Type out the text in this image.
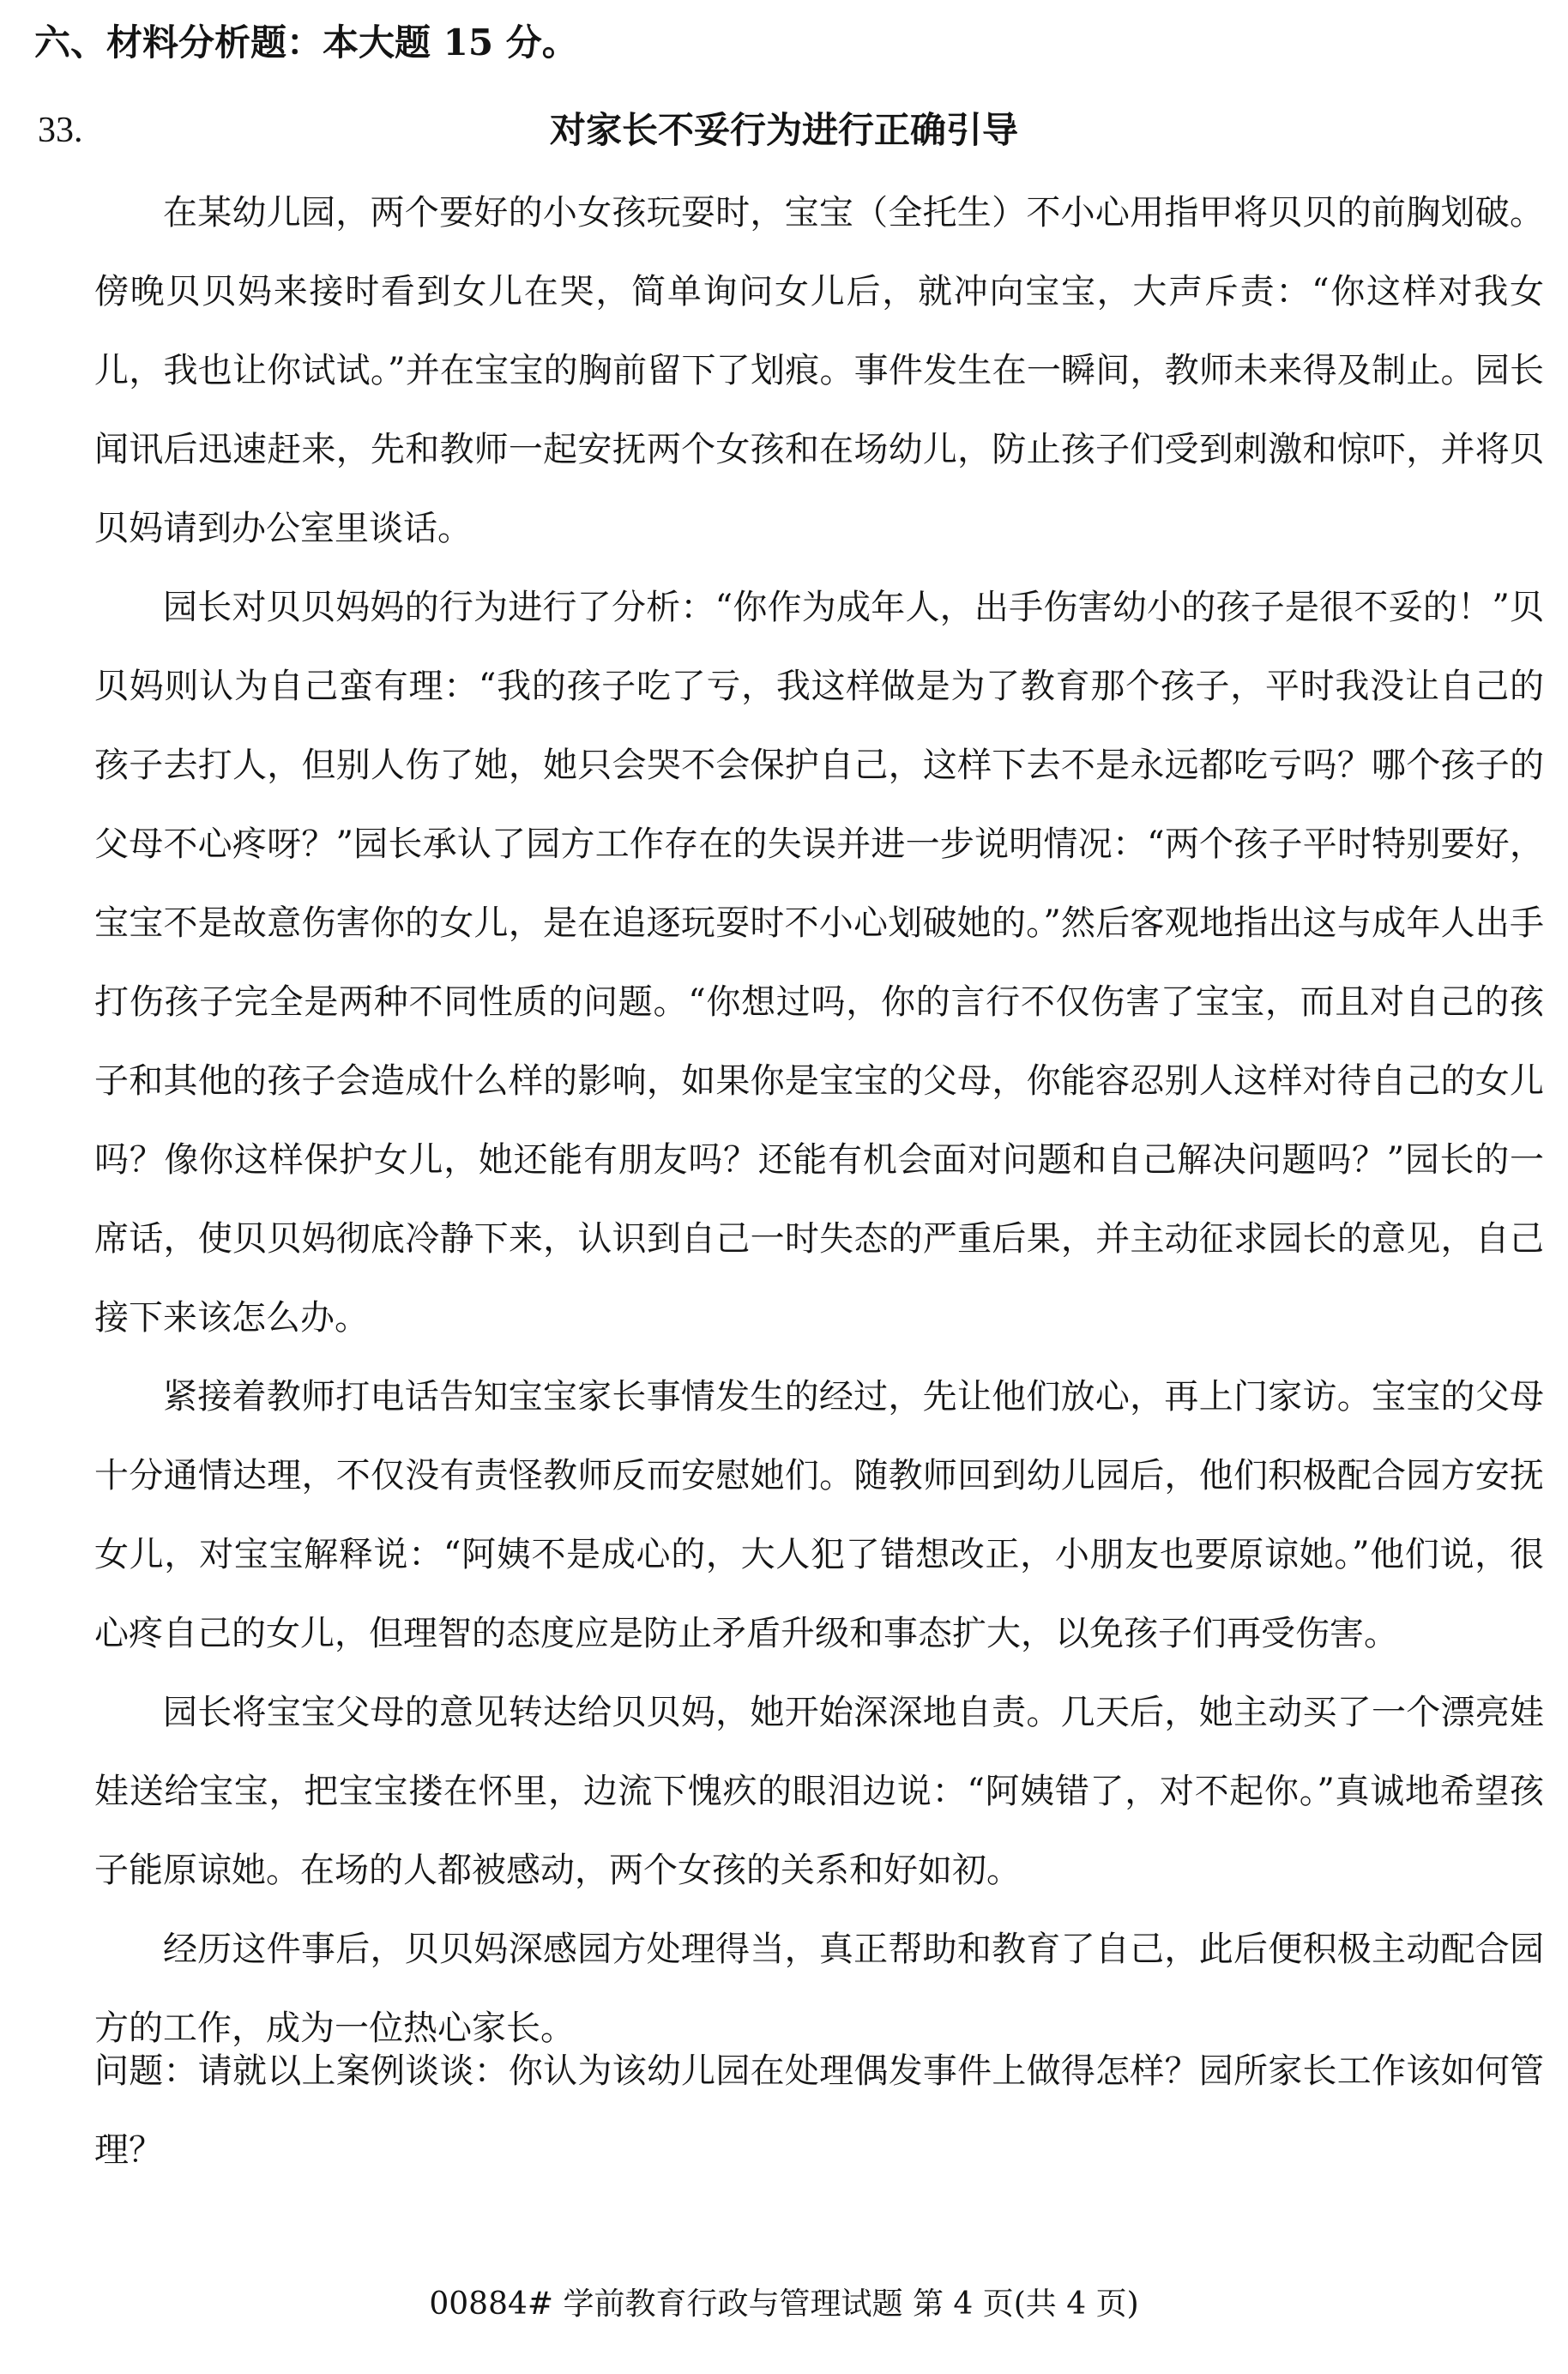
六、材料分析题：本大题 15 分。
33.	对家长不妥行为进行正确引导

在某幼儿园，两个要好的小女孩玩耍时，宝宝（全托生）不小心用指甲将贝贝的前胸划破。傍晚贝贝妈来接时看到女儿在哭，简单询问女儿后，就冲向宝宝，大声斥责：“你这样对我女儿，我也让你试试。”并在宝宝的胸前留下了划痕。事件发生在一瞬间，教师未来得及制止。园长闻讯后迅速赶来，先和教师一起安抚两个女孩和在场幼儿，防止孩子们受到刺激和惊吓，并将贝贝妈请到办公室里谈话。

园长对贝贝妈妈的行为进行了分析：“你作为成年人，出手伤害幼小的孩子是很不妥的！”贝贝妈则认为自己蛮有理：“我的孩子吃了亏，我这样做是为了教育那个孩子，平时我没让自己的孩子去打人，但别人伤了她，她只会哭不会保护自己，这样下去不是永远都吃亏吗？哪个孩子的父母不心疼呀？”园长承认了园方工作存在的失误并进一步说明情况：“两个孩子平时特别要好，宝宝不是故意伤害你的女儿，是在追逐玩耍时不小心划破她的。”然后客观地指出这与成年人出手打伤孩子完全是两种不同性质的问题。“你想过吗，你的言行不仅伤害了宝宝，而且对自己的孩子和其他的孩子会造成什么样的影响，如果你是宝宝的父母，你能容忍别人这样对待自己的女儿吗？像你这样保护女儿，她还能有朋友吗？还能有机会面对问题和自己解决问题吗？”园长的一席话，使贝贝妈彻底冷静下来，认识到自己一时失态的严重后果，并主动征求园长的意见，自己接下来该怎么办。

紧接着教师打电话告知宝宝家长事情发生的经过，先让他们放心，再上门家访。宝宝的父母十分通情达理，不仅没有责怪教师反而安慰她们。随教师回到幼儿园后，他们积极配合园方安抚女儿，对宝宝解释说：“阿姨不是成心的，大人犯了错想改正，小朋友也要原谅她。”他们说，很心疼自己的女儿，但理智的态度应是防止矛盾升级和事态扩大，以免孩子们再受伤害。

园长将宝宝父母的意见转达给贝贝妈，她开始深深地自责。几天后，她主动买了一个漂亮娃娃送给宝宝，把宝宝搂在怀里，边流下愧疚的眼泪边说：“阿姨错了，对不起你。”真诚地希望孩子能原谅她。在场的人都被感动，两个女孩的关系和好如初。

经历这件事后，贝贝妈深感园方处理得当，真正帮助和教育了自己，此后便积极主动配合园方的工作，成为一位热心家长。

问题：请就以上案例谈谈：你认为该幼儿园在处理偶发事件上做得怎样？园所家长工作该如何管理？

00884# 学前教育行政与管理试题 第 4 页(共 4 页)
